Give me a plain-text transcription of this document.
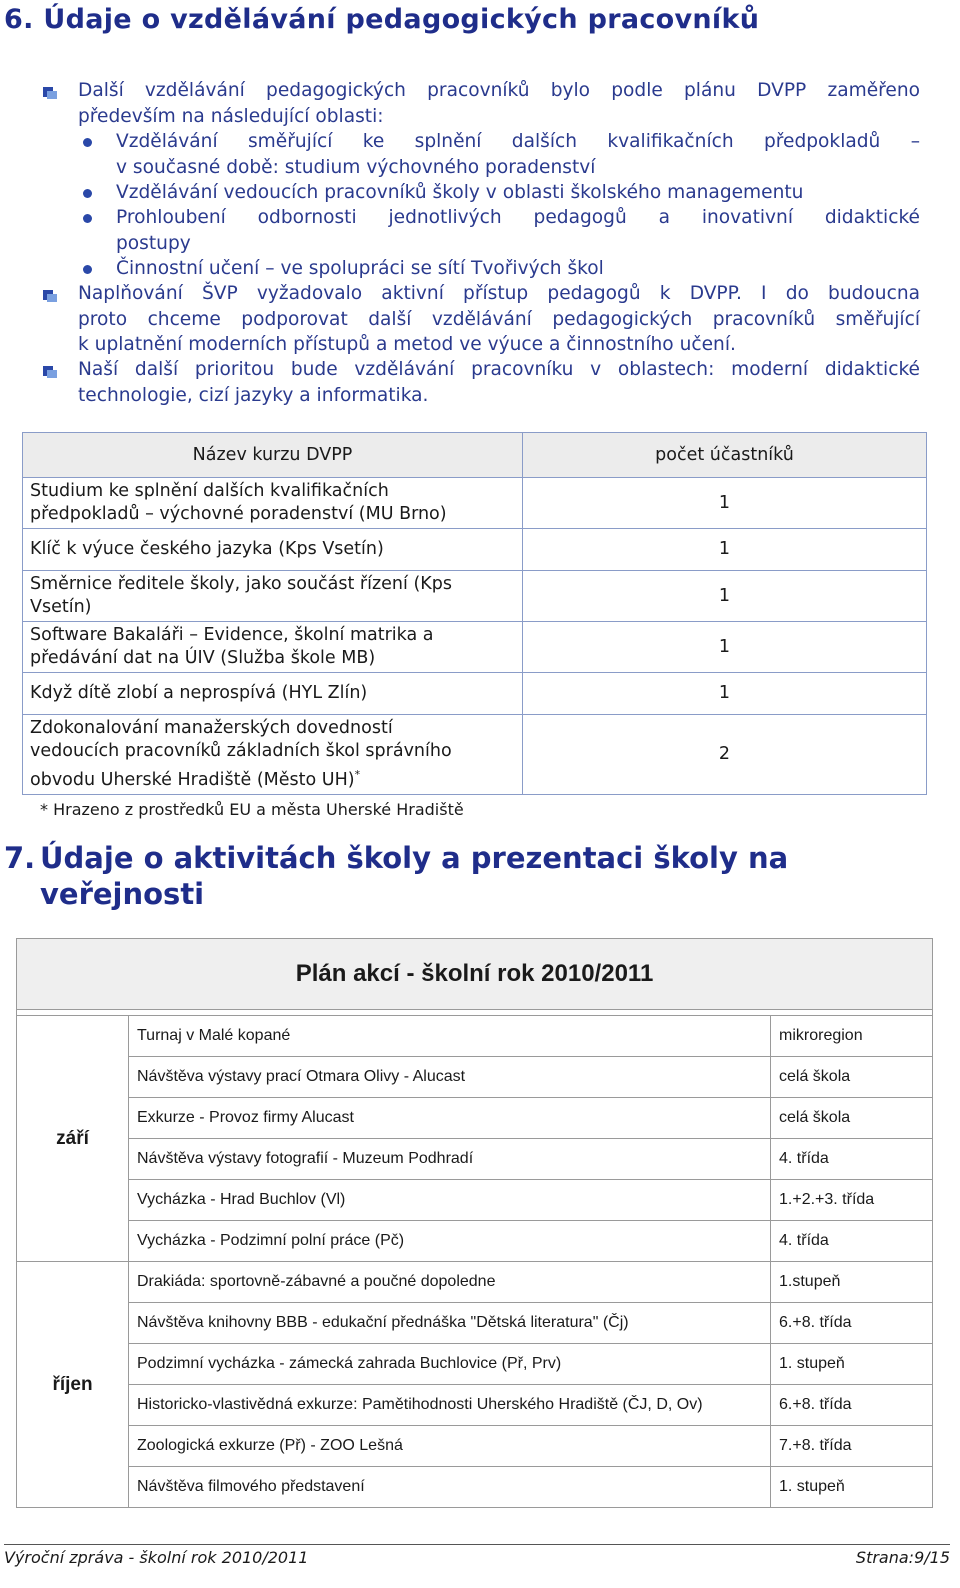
6. Údaje o vzdělávání pedagogických pracovníků
Další vzdělávání pedagogických pracovníků bylo podle plánu DVPP zaměřeno
především na následující oblasti:
Vzdělávání směřující ke splnění dalších kvalifikačních předpokladů –
v současné době: studium výchovného poradenství
Vzdělávání vedoucích pracovníků školy v oblasti školského managementu
Prohloubení odbornosti jednotlivých pedagogů a inovativní didaktické
postupy
Činnostní učení – ve spolupráci se sítí Tvořivých škol
Naplňování ŠVP vyžadovalo aktivní přístup pedagogů k DVPP. I do budoucna
proto chceme podporovat další vzdělávání pedagogických pracovníků směřující
k uplatnění moderních přístupů a metod ve výuce a činnostního učení.
Naší další prioritou bude vzdělávání pracovníku v oblastech: moderní didaktické
technologie, cizí jazyky a informatika.
Název kurzu DVPP	počet účastníků
Studium ke splnění dalších kvalifikačních
předpokladů – výchovné poradenství (MU Brno)	1
Klíč k výuce českého jazyka (Kps Vsetín)	1
Směrnice ředitele školy, jako součást řízení (Kps
Vsetín)	1
Software Bakaláři – Evidence, školní matrika a
předávání dat na ÚIV (Služba škole MB)	1
Když dítě zlobí a neprospívá (HYL Zlín)	1
Zdokonalování manažerských dovedností
vedoucích pracovníků základních škol správního
obvodu Uherské Hradiště (Město UH)*	2
* Hrazeno z prostředků EU a města Uherské Hradiště
7. Údaje o aktivitách školy a prezentaci školy na
veřejnosti
Plán akcí - školní rok 2010/2011		

září	Turnaj v Malé kopané	mikroregion
	Návštěva výstavy prací Otmara Olivy - Alucast	celá škola
	Exkurze - Provoz firmy Alucast	celá škola
	Návštěva výstavy fotografií - Muzeum Podhradí	4. třída
	Vycházka - Hrad Buchlov (Vl)	1.+2.+3. třída
	Vycházka - Podzimní polní práce (Pč)	4. třída
říjen	Drakiáda: sportovně-zábavné a poučné dopoledne	1.stupeň
	Návštěva knihovny BBB - edukační přednáška "Dětská literatura" (Čj)	6.+8. třída
	Podzimní vycházka - zámecká zahrada Buchlovice (Př, Prv)	1. stupeň
	Historicko-vlastivědná exkurze: Pamětihodnosti Uherského Hradiště (ČJ, D, Ov)	6.+8. třída
	Zoologická exkurze (Př) - ZOO Lešná	7.+8. třída
	Návštěva filmového představení	1. stupeň
Výroční zpráva - školní rok 2010/2011	Strana:9/15
